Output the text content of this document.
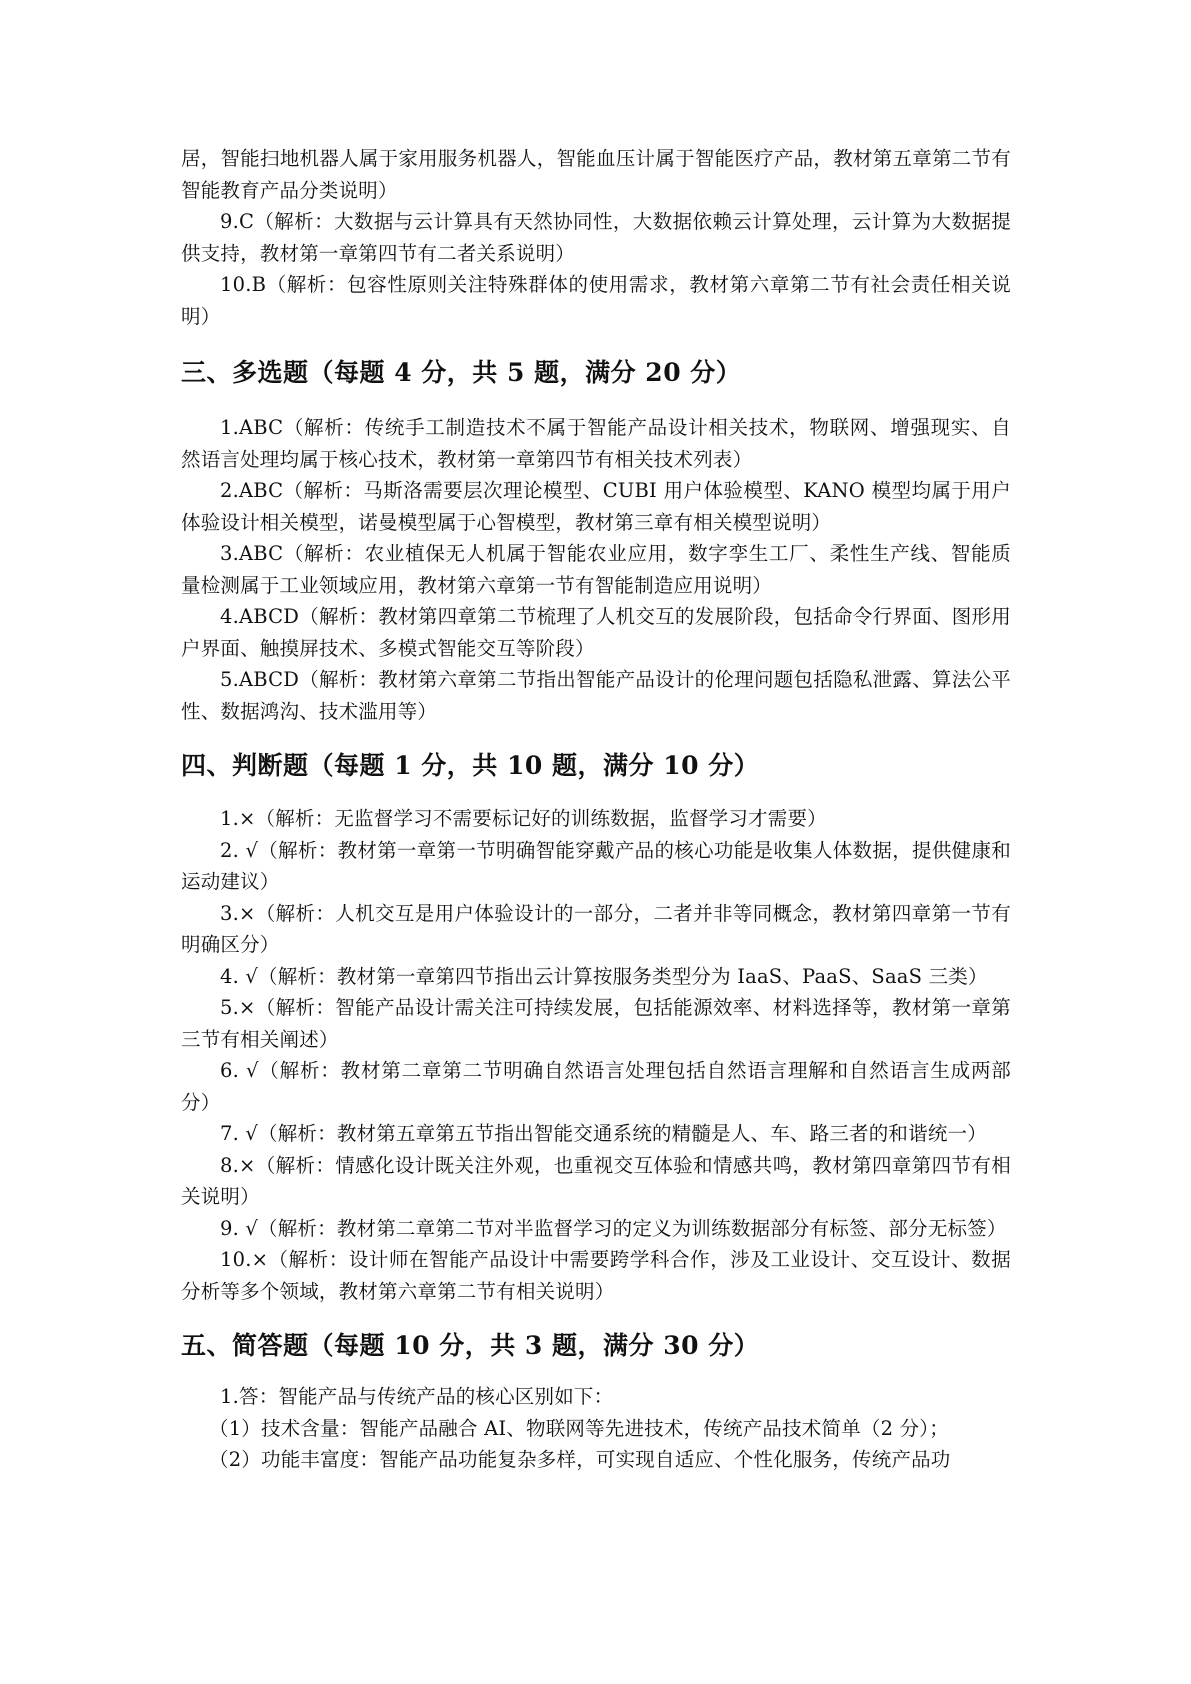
居，智能扫地机器人属于家用服务机器人，智能血压计属于智能医疗产品，教材第五章第二节有智能教育产品分类说明）

9.C（解析：大数据与云计算具有天然协同性，大数据依赖云计算处理，云计算为大数据提供支持，教材第一章第四节有二者关系说明）

10.B（解析：包容性原则关注特殊群体的使用需求，教材第六章第二节有社会责任相关说明）

三、多选题（每题 4 分，共 5 题，满分 20 分）

1.ABC（解析：传统手工制造技术不属于智能产品设计相关技术，物联网、增强现实、自然语言处理均属于核心技术，教材第一章第四节有相关技术列表）

2.ABC（解析：马斯洛需要层次理论模型、CUBI 用户体验模型、KANO 模型均属于用户体验设计相关模型，诺曼模型属于心智模型，教材第三章有相关模型说明）

3.ABC（解析：农业植保无人机属于智能农业应用，数字孪生工厂、柔性生产线、智能质量检测属于工业领域应用，教材第六章第一节有智能制造应用说明）

4.ABCD（解析：教材第四章第二节梳理了人机交互的发展阶段，包括命令行界面、图形用户界面、触摸屏技术、多模式智能交互等阶段）

5.ABCD（解析：教材第六章第二节指出智能产品设计的伦理问题包括隐私泄露、算法公平性、数据鸿沟、技术滥用等）

四、判断题（每题 1 分，共 10 题，满分 10 分）

1.×（解析：无监督学习不需要标记好的训练数据，监督学习才需要）

2. √（解析：教材第一章第一节明确智能穿戴产品的核心功能是收集人体数据，提供健康和运动建议）

3.×（解析：人机交互是用户体验设计的一部分，二者并非等同概念，教材第四章第一节有明确区分）

4. √（解析：教材第一章第四节指出云计算按服务类型分为 IaaS、PaaS、SaaS 三类）

5.×（解析：智能产品设计需关注可持续发展，包括能源效率、材料选择等，教材第一章第三节有相关阐述）

6. √（解析：教材第二章第二节明确自然语言处理包括自然语言理解和自然语言生成两部分）

7. √（解析：教材第五章第五节指出智能交通系统的精髓是人、车、路三者的和谐统一）

8.×（解析：情感化设计既关注外观，也重视交互体验和情感共鸣，教材第四章第四节有相关说明）

9. √（解析：教材第二章第二节对半监督学习的定义为训练数据部分有标签、部分无标签）

10.×（解析：设计师在智能产品设计中需要跨学科合作，涉及工业设计、交互设计、数据分析等多个领域，教材第六章第二节有相关说明）

五、简答题（每题 10 分，共 3 题，满分 30 分）

1.答：智能产品与传统产品的核心区别如下：

（1）技术含量：智能产品融合 AI、物联网等先进技术，传统产品技术简单（2 分）；

（2）功能丰富度：智能产品功能复杂多样，可实现自适应、个性化服务，传统产品功
